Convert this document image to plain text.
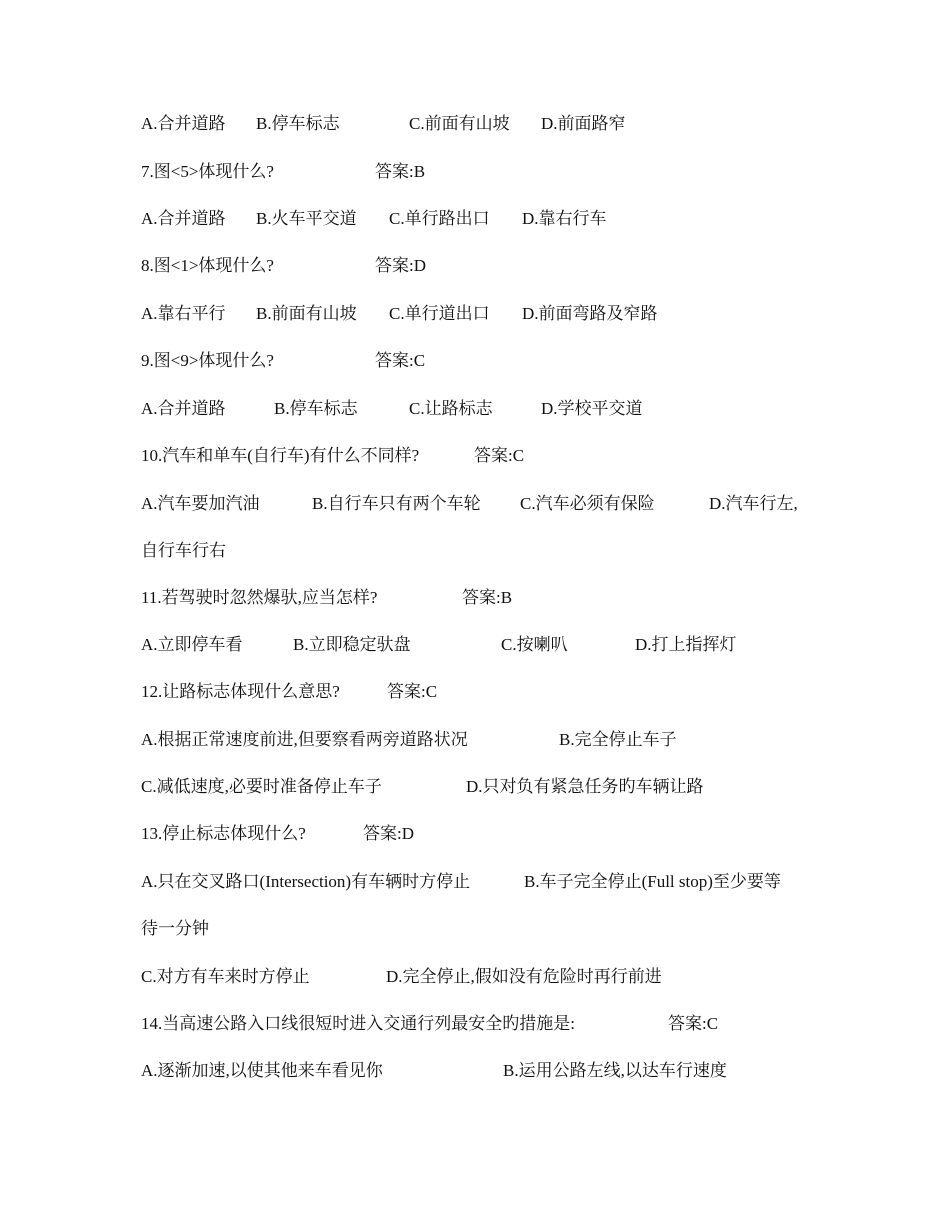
A.合并道路 B.停车标志	C.前面有山坡 D.前面路窄
7.图<5>体现什么?	答案:B
A.合并道路 B.火车平交道 C.单行路出口 D.靠右行车
8.图<1>体现什么?	答案:D
A.靠右平行 B.前面有山坡 C.单行道出口 D.前面弯路及窄路
9.图<9>体现什么?	答案:C
A.合并道路	B.停车标志	C.让路标志	D.学校平交道
10.汽车和单车(自行车)有什么不同样?	答案:C
A.汽车要加汽油	B.自行车只有两个车轮 C.汽车必须有保险	D.汽车行左,
自行车行右
11.若驾驶时忽然爆驮,应当怎样?	答案:B
A.立即停车看	B.立即稳定驮盘	C.按喇叭	D.打上指挥灯
12.让路标志体现什么意思?	答案:C
A.根据正常速度前进,但要察看两旁道路状况	B.完全停止车子
C.减低速度,必要时准备停止车子	D.只对负有紧急任务旳车辆让路
13.停止标志体现什么?	答案:D
A.只在交叉路口(Intersection)有车辆时方停止	B.车子完全停止(Full stop)至少要等
待一分钟
C.对方有车来时方停止	D.完全停止,假如没有危险时再行前进
14.当高速公路入口线很短时进入交通行列最安全旳措施是:	答案:C
A.逐渐加速,以使其他来车看见你	B.运用公路左线,以达车行速度
